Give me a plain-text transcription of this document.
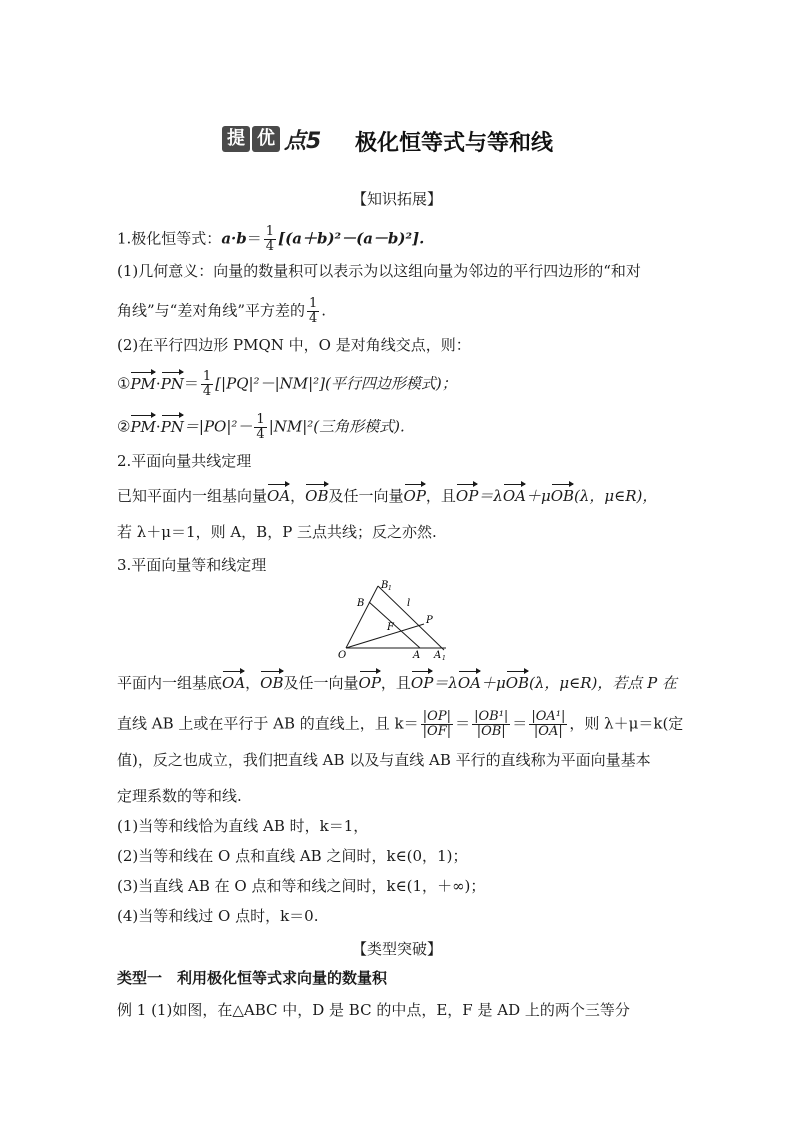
提 优 点5 极化恒等式与等和线
【知识拓展】
1.极化恒等式：$a\cdot b= \frac{1}{4} [(a+b)^2-(a-b)^2]$.
(1)几何意义：向量的数量积可以表示为以这组向量为邻边的平行四边形的“和对
角线”与“差对角线”平方差的 $\frac{1}{4}$ .
(2)在平行四边形 PMQN 中，O 是对角线交点，则：
①PM·PN＝ $\frac{1}{4} [|PQ|^2-|NM|^2]$(平行四边形模式)；
②PM·PN＝|PO|²－ $\frac{1}{4} |NM|^2$(三角形模式).
2.平面向量共线定理
已知平面内一组基向量OA，OB及任一向量OP，且OP＝λOA＋μOB(λ，μ∈R)，
若 λ＋μ＝1，则 A，B，P 三点共线；反之亦然.
3.平面向量等和线定理
O	A A 1
B
B 1
P
F
l
平面内一组基底OA，OB及任一向量OP，且OP＝λOA＋μOB(λ，μ∈R)，若点 P 在
直线 AB 上或在平行于 AB 的直线上，且 $k= \frac{|OP|}{|OF|} = \frac{\text{|OB¹|}}{|OB|} = \frac{\text{|OA¹|}}{|OA|}$ ，则 λ＋μ＝k(定
值)，反之也成立，我们把直线 AB 以及与直线 AB 平行的直线称为平面向量基本
定理系数的等和线.
(1)当等和线恰为直线 AB 时，k＝1，
(2)当等和线在 O 点和直线 AB 之间时，k∈(0，1)；
(3)当直线 AB 在 O 点和等和线之间时，k∈(1，＋∞)；
(4)当等和线过 O 点时，k＝0.
【类型突破】
类型一　利用极化恒等式求向量的数量积
例 1 (1)如图，在△ABC 中，D 是 BC 的中点，E，F 是 AD 上的两个三等分
